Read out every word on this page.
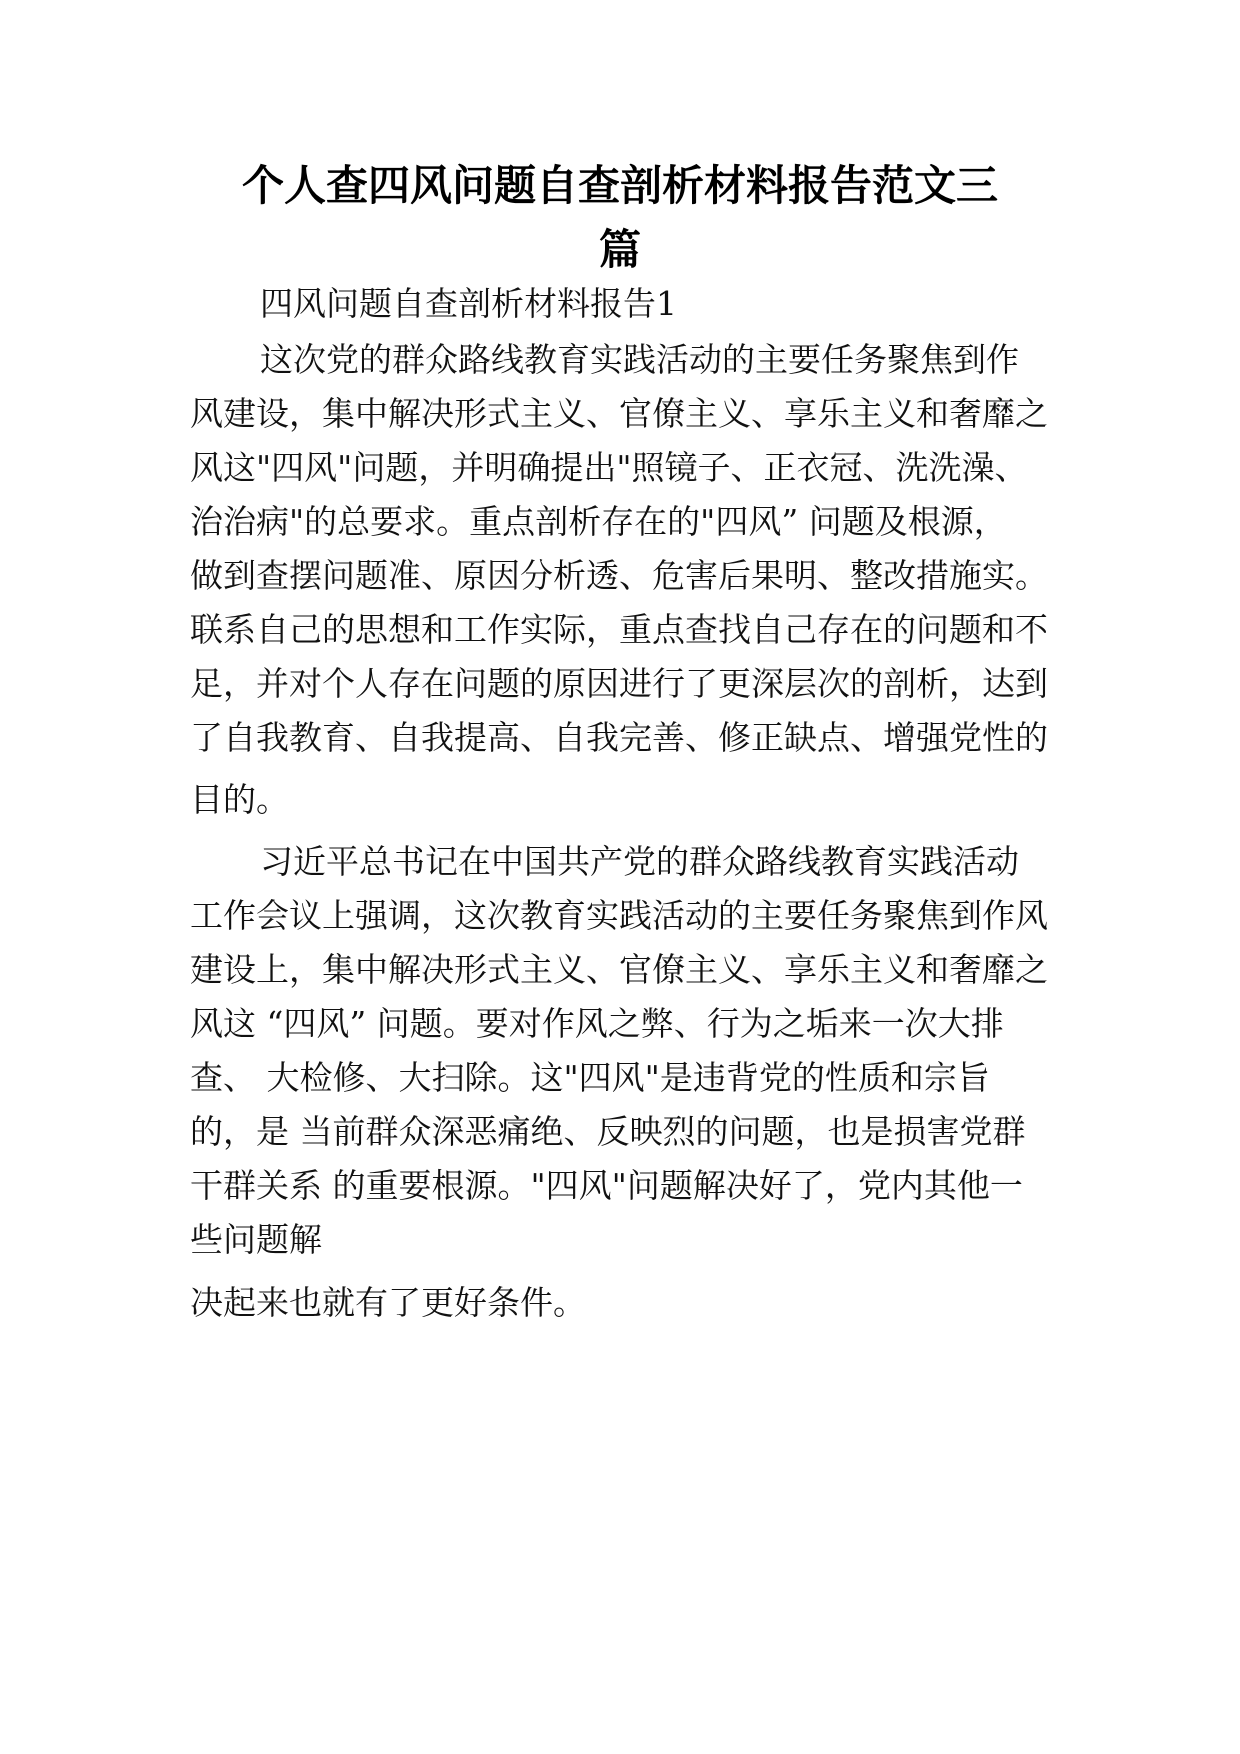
个人查四风问题自查剖析材料报告范文三
篇
四风问题自查剖析材料报告1
这次党的群众路线教育实践活动的主要任务聚焦到作
风建设，集中解决形式主义、官僚主义、享乐主义和奢靡之
风这"四风"问题，并明确提出"照镜子、正衣冠、洗洗澡、
治治病"的总要求。重点剖析存在的"四风” 问题及根源，
做到查摆问题准、原因分析透、危害后果明、整改措施实。
联系自己的思想和工作实际，重点查找自己存在的问题和不
足，并对个人存在问题的原因进行了更深层次的剖析，达到
了自我教育、自我提高、自我完善、修正缺点、增强党性的
目的。
习近平总书记在中国共产党的群众路线教育实践活动
工作会议上强调，这次教育实践活动的主要任务聚焦到作风
建设上，集中解决形式主义、官僚主义、享乐主义和奢靡之
风这 “四风” 问题。要对作风之弊、行为之垢来一次大排
查、 大检修、大扫除。这"四风"是违背党的性质和宗旨
的，是 当前群众深恶痛绝、反映烈的问题，也是损害党群
干群关系 的重要根源。"四风"问题解决好了，党内其他一
些问题解
决起来也就有了更好条件。
